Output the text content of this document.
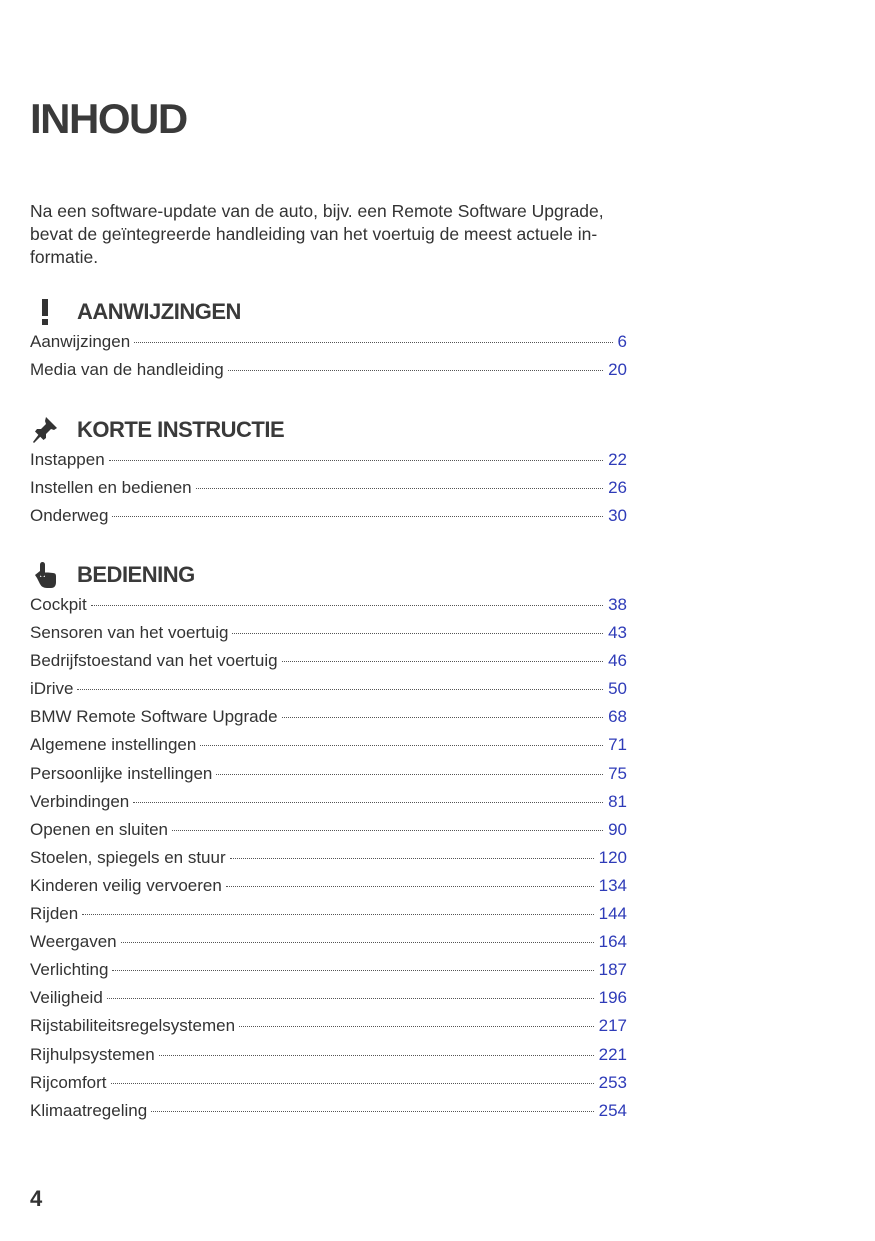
INHOUD

Na een software-update van de auto, bijv. een Remote Software Upgrade, bevat de geïntegreerde handleiding van het voertuig de meest actuele in-formatie.

AANWIJZINGEN
Aanwijzingen	6
Media van de handleiding	20
KORTE INSTRUCTIE
Instappen	22
Instellen en bedienen	26
Onderweg	30
BEDIENING
Cockpit	38
Sensoren van het voertuig	43
Bedrijfstoestand van het voertuig	46
iDrive	50
BMW Remote Software Upgrade	68
Algemene instellingen	71
Persoonlijke instellingen	75
Verbindingen	81
Openen en sluiten	90
Stoelen, spiegels en stuur	120
Kinderen veilig vervoeren	134
Rijden	144
Weergaven	164
Verlichting	187
Veiligheid	196
Rijstabiliteitsregelsystemen	217
Rijhulpsystemen	221
Rijcomfort	253
Klimaatregeling	254
4
